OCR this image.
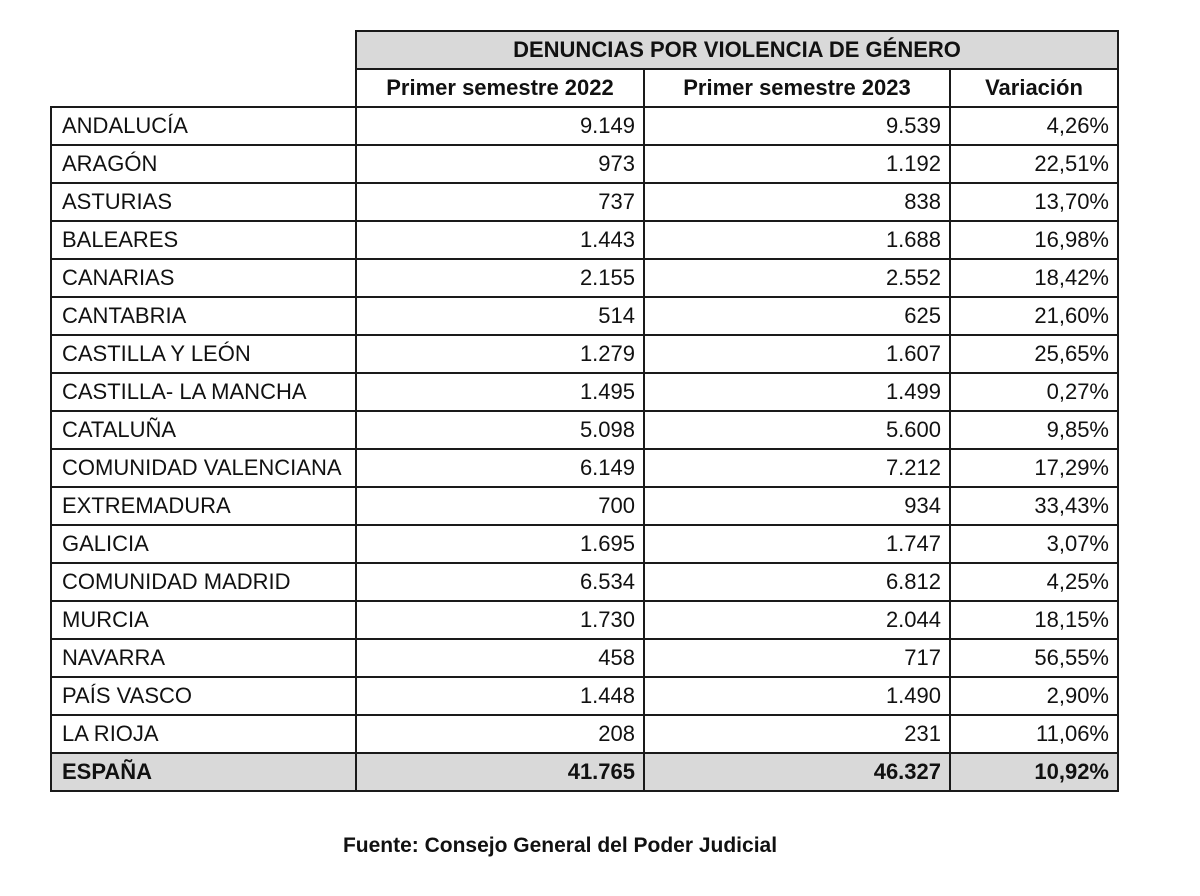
	DENUNCIAS POR VIOLENCIA DE GÉNERO		
	Primer semestre 2022	Primer semestre 2023	Variación
ANDALUCÍA	9.149	9.539	4,26%
ARAGÓN	973	1.192	22,51%
ASTURIAS	737	838	13,70%
BALEARES	1.443	1.688	16,98%
CANARIAS	2.155	2.552	18,42%
CANTABRIA	514	625	21,60%
CASTILLA Y LEÓN	1.279	1.607	25,65%
CASTILLA- LA MANCHA	1.495	1.499	0,27%
CATALUÑA	5.098	5.600	9,85%
COMUNIDAD VALENCIANA	6.149	7.212	17,29%
EXTREMADURA	700	934	33,43%
GALICIA	1.695	1.747	3,07%
COMUNIDAD MADRID	6.534	6.812	4,25%
MURCIA	1.730	2.044	18,15%
NAVARRA	458	717	56,55%
PAÍS VASCO	1.448	1.490	2,90%
LA RIOJA	208	231	11,06%
ESPAÑA	41.765	46.327	10,92%
Fuente: Consejo General del Poder Judicial
